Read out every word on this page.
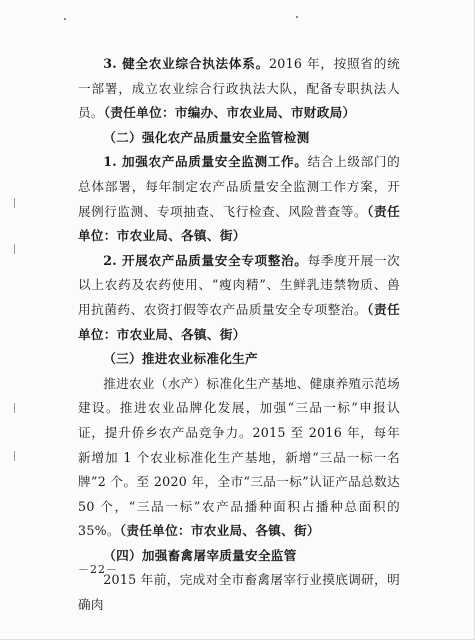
3. 健全农业综合执法体系。2016 年，按照省的统一部署，成立农业综合行政执法大队，配备专职执法人员。（责任单位：市编办、市农业局、市财政局）

（二）强化农产品质量安全监管检测

1. 加强农产品质量安全监测工作。结合上级部门的总体部署，每年制定农产品质量安全监测工作方案，开展例行监测、专项抽查、飞行检查、风险普查等。（责任单位：市农业局、各镇、街）

2. 开展农产品质量安全专项整治。每季度开展一次以上农药及农药使用、“瘦肉精”、生鲜乳违禁物质、兽用抗菌药、农资打假等农产品质量安全专项整治。（责任单位：市农业局、各镇、街）

（三）推进农业标准化生产

推进农业（水产）标准化生产基地、健康养殖示范场建设。推进农业品牌化发展，加强“三品一标”申报认证，提升侨乡农产品竞争力。2015 至 2016 年，每年新增加 1 个农业标准化生产基地，新增“三品一标一名牌”2 个。至 2020 年，全市“三品一标”认证产品总数达 50 个，“三品一标”农产品播种面积占播种总面积的 35%。（责任单位：市农业局、各镇、街）

（四）加强畜禽屠宰质量安全监管

2015 年前，完成对全市畜禽屠宰行业摸底调研，明确肉

－22－
